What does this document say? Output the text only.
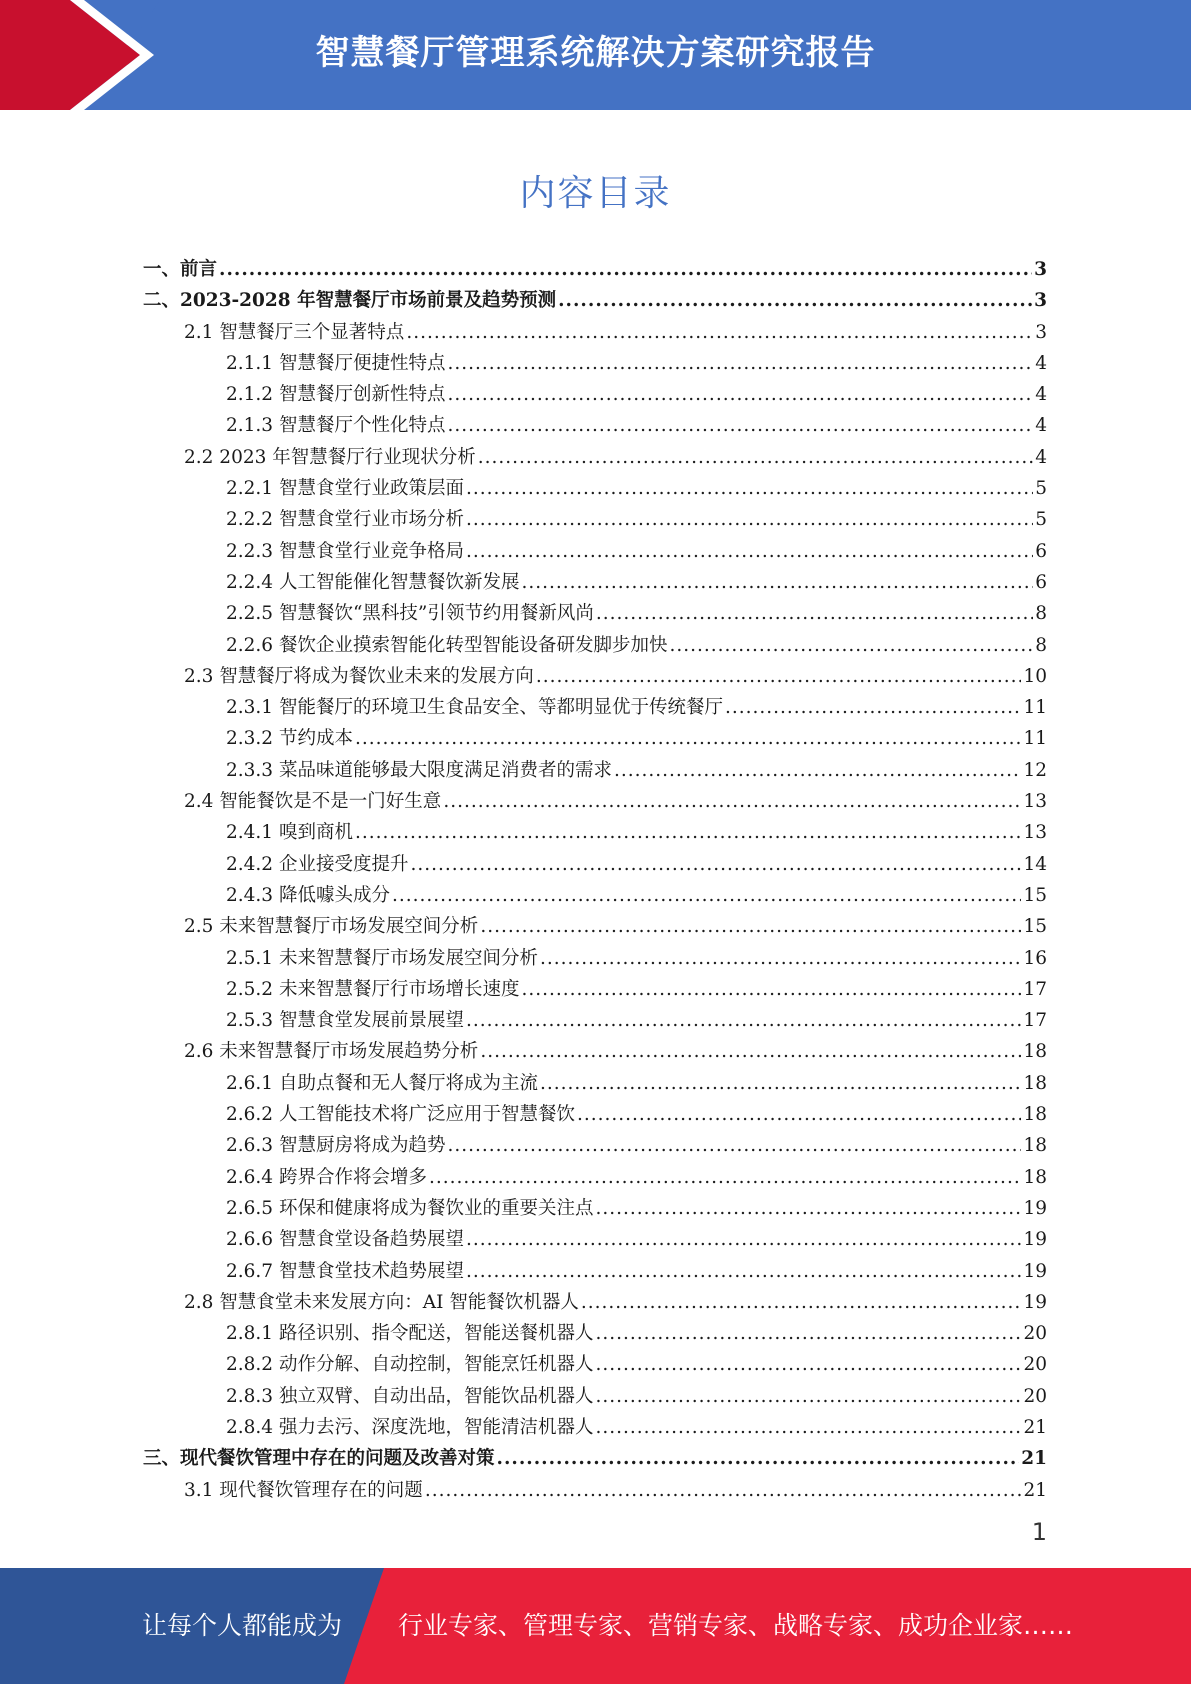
智慧餐厅管理系统解决方案研究报告
内容目录
一、前言 .....	3
二、2023-2028 年智慧餐厅市场前景及趋势预测 .....	3
2.1 智慧餐厅三个显著特点 .....	3
2.1.1 智慧餐厅便捷性特点 .....	4
2.1.2 智慧餐厅创新性特点 .....	4
2.1.3 智慧餐厅个性化特点 .....	4
2.2 2023 年智慧餐厅行业现状分析 .....	4
2.2.1 智慧食堂行业政策层面 .....	5
2.2.2 智慧食堂行业市场分析 .....	5
2.2.3 智慧食堂行业竞争格局 .....	6
2.2.4 人工智能催化智慧餐饮新发展 .....	6
2.2.5 智慧餐饮“黑科技”引领节约用餐新风尚 .....	8
2.2.6 餐饮企业摸索智能化转型智能设备研发脚步加快 .....	8
2.3 智慧餐厅将成为餐饮业未来的发展方向 .....	10
2.3.1 智能餐厅的环境卫生食品安全、等都明显优于传统餐厅 .....	11
2.3.2 节约成本 .....	11
2.3.3 菜品味道能够最大限度满足消费者的需求 .....	12
2.4 智能餐饮是不是一门好生意 .....	13
2.4.1 嗅到商机 .....	13
2.4.2 企业接受度提升 .....	14
2.4.3 降低噱头成分 .....	15
2.5 未来智慧餐厅市场发展空间分析 .....	15
2.5.1 未来智慧餐厅市场发展空间分析 .....	16
2.5.2 未来智慧餐厅行市场增长速度 .....	17
2.5.3 智慧食堂发展前景展望 .....	17
2.6 未来智慧餐厅市场发展趋势分析 .....	18
2.6.1 自助点餐和无人餐厅将成为主流 .....	18
2.6.2 人工智能技术将广泛应用于智慧餐饮 .....	18
2.6.3 智慧厨房将成为趋势 .....	18
2.6.4 跨界合作将会增多 .....	18
2.6.5 环保和健康将成为餐饮业的重要关注点 .....	19
2.6.6 智慧食堂设备趋势展望 .....	19
2.6.7 智慧食堂技术趋势展望 .....	19
2.8 智慧食堂未来发展方向：AI 智能餐饮机器人 .....	19
2.8.1 路径识别、指令配送，智能送餐机器人 .....	20
2.8.2 动作分解、自动控制，智能烹饪机器人 .....	20
2.8.3 独立双臂、自动出品，智能饮品机器人 .....	20
2.8.4 强力去污、深度洗地，智能清洁机器人 .....	21
三、现代餐饮管理中存在的问题及改善对策 .....	21
3.1 现代餐饮管理存在的问题 .....	21
1
让每个人都能成为 行业专家、管理专家、营销专家、战略专家、成功企业家……
